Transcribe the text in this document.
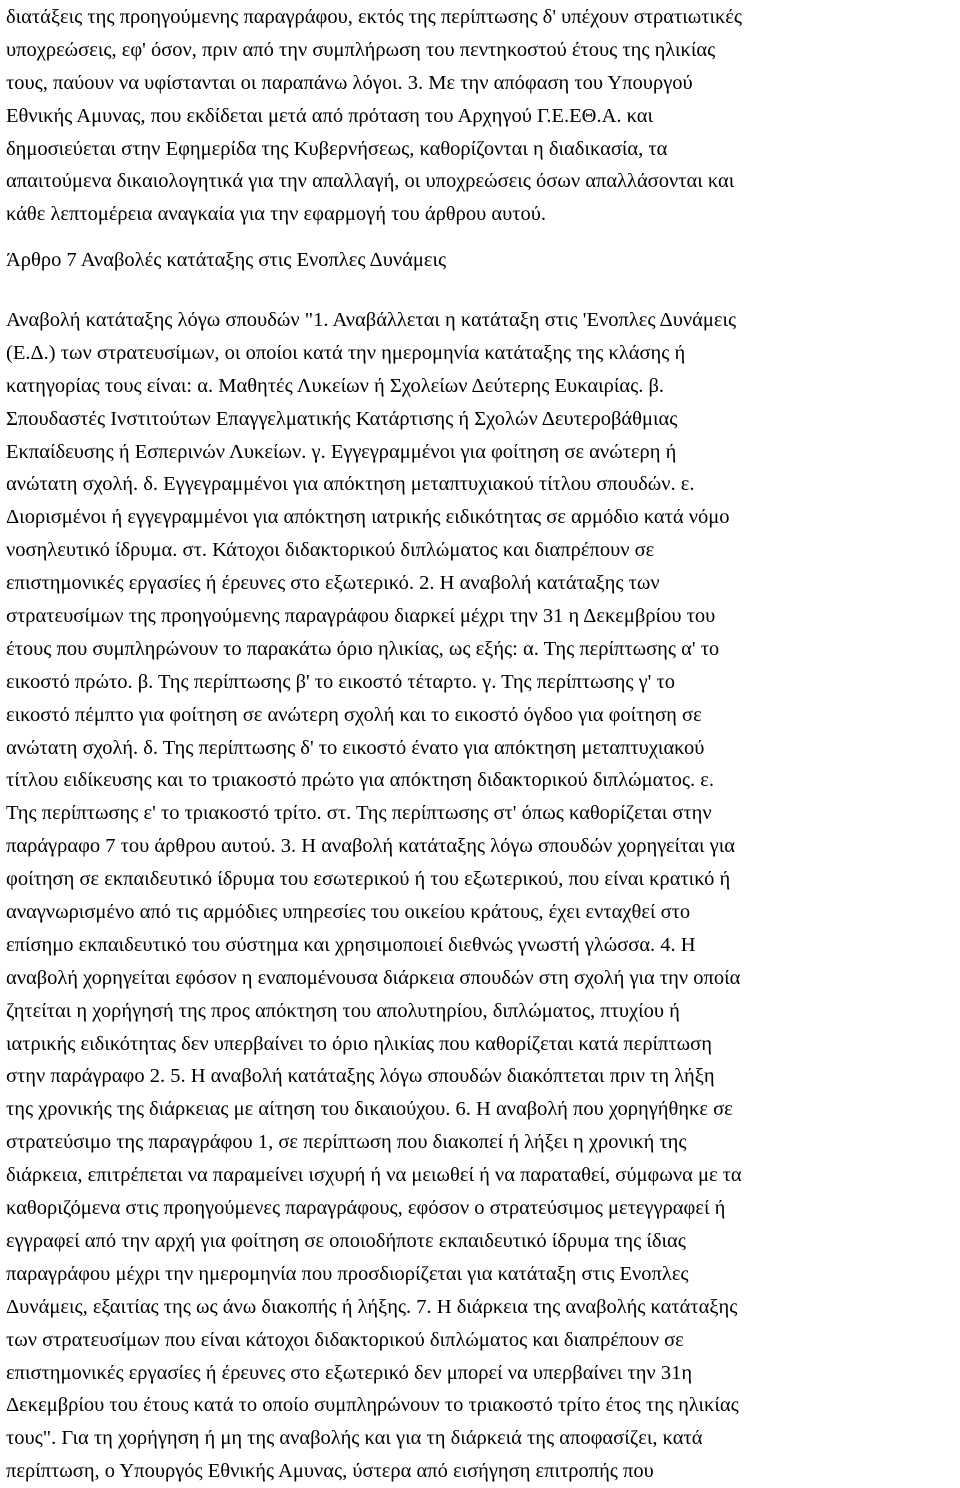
διατάξεις της προηγούμενης παραγράφου, εκτός της περίπτωσης δ' υπέχουν στρατιωτικές
υποχρεώσεις, εφ' όσον, πριν από την συμπλήρωση του πεντηκοστού έτους της ηλικίας
τους, παύουν να υφίστανται οι παραπάνω λόγοι. 3. Με την απόφαση του Υπουργού
Εθνικής Αμυνας, που εκδίδεται μετά από πρόταση του Αρχηγού Γ.Ε.ΕΘ.Α. και
δημοσιεύεται στην Εφημερίδα της Κυβερνήσεως, καθορίζονται η διαδικασία, τα
απαιτούμενα δικαιολογητικά για την απαλλαγή, οι υποχρεώσεις όσων απαλλάσονται και
κάθε λεπτομέρεια αναγκαία για την εφαρμογή του άρθρου αυτού.
Άρθρο 7 Αναβολές κατάταξης στις Ενοπλες Δυνάμεις
Αναβολή κατάταξης λόγω σπουδών "1. Αναβάλλεται η κατάταξη στις 'Ενοπλες Δυνάμεις
(Ε.Δ.) των στρατευσίμων, οι οποίοι κατά την ημερομηνία κατάταξης της κλάσης ή
κατηγορίας τους είναι: α. Μαθητές Λυκείων ή Σχολείων Δεύτερης Ευκαιρίας. β.
Σπουδαστές Ινστιτούτων Επαγγελματικής Κατάρτισης ή Σχολών Δευτεροβάθμιας
Εκπαίδευσης ή Εσπερινών Λυκείων. γ. Εγγεγραμμένοι για φοίτηση σε ανώτερη ή
ανώτατη σχολή. δ. Εγγεγραμμένοι για απόκτηση μεταπτυχιακού τίτλου σπουδών. ε.
Διορισμένοι ή εγγεγραμμένοι για απόκτηση ιατρικής ειδικότητας σε αρμόδιο κατά νόμο
νοσηλευτικό ίδρυμα. στ. Κάτοχοι διδακτορικού διπλώματος και διαπρέπουν σε
επιστημονικές εργασίες ή έρευνες στο εξωτερικό. 2. Η αναβολή κατάταξης των
στρατευσίμων της προηγούμενης παραγράφου διαρκεί μέχρι την 31 η Δεκεμβρίου του
έτους που συμπληρώνουν το παρακάτω όριο ηλικίας, ως εξής: α. Της περίπτωσης α' το
εικοστό πρώτο. β. Της περίπτωσης β' το εικοστό τέταρτο. γ. Της περίπτωσης γ' το
εικοστό πέμπτο για φοίτηση σε ανώτερη σχολή και το εικοστό όγδοο για φοίτηση σε
ανώτατη σχολή. δ. Της περίπτωσης δ' το εικοστό ένατο για απόκτηση μεταπτυχιακού
τίτλου ειδίκευσης και το τριακοστό πρώτο για απόκτηση διδακτορικού διπλώματος. ε.
Της περίπτωσης ε' το τριακοστό τρίτο. στ. Της περίπτωσης στ' όπως καθορίζεται στην
παράγραφο 7 του άρθρου αυτού. 3. Η αναβολή κατάταξης λόγω σπουδών χορηγείται για
φοίτηση σε εκπαιδευτικό ίδρυμα του εσωτερικού ή του εξωτερικού, που είναι κρατικό ή
αναγνωρισμένο από τις αρμόδιες υπηρεσίες του οικείου κράτους, έχει ενταχθεί στο
επίσημο εκπαιδευτικό του σύστημα και χρησιμοποιεί διεθνώς γνωστή γλώσσα. 4. Η
αναβολή χορηγείται εφόσον η εναπομένουσα διάρκεια σπουδών στη σχολή για την οποία
ζητείται η χορήγησή της προς απόκτηση του απολυτηρίου, διπλώματος, πτυχίου ή
ιατρικής ειδικότητας δεν υπερβαίνει το όριο ηλικίας που καθορίζεται κατά περίπτωση
στην παράγραφο 2. 5. Η αναβολή κατάταξης λόγω σπουδών διακόπτεται πριν τη λήξη
της χρονικής της διάρκειας με αίτηση του δικαιούχου. 6. Η αναβολή που χορηγήθηκε σε
στρατεύσιμο της παραγράφου 1, σε περίπτωση που διακοπεί ή λήξει η χρονική της
διάρκεια, επιτρέπεται να παραμείνει ισχυρή ή να μειωθεί ή να παραταθεί, σύμφωνα με τα
καθοριζόμενα στις προηγούμενες παραγράφους, εφόσον ο στρατεύσιμος μετεγγραφεί ή
εγγραφεί από την αρχή για φοίτηση σε οποιοδήποτε εκπαιδευτικό ίδρυμα της ίδιας
παραγράφου μέχρι την ημερομηνία που προσδιορίζεται για κατάταξη στις Ενοπλες
Δυνάμεις, εξαιτίας της ως άνω διακοπής ή λήξης. 7. Η διάρκεια της αναβολής κατάταξης
των στρατευσίμων που είναι κάτοχοι διδακτορικού διπλώματος και διαπρέπουν σε
επιστημονικές εργασίες ή έρευνες στο εξωτερικό δεν μπορεί να υπερβαίνει την 31η
Δεκεμβρίου του έτους κατά το οποίο συμπληρώνουν το τριακοστό τρίτο έτος της ηλικίας
τους". Για τη χορήγηση ή μη της αναβολής και για τη διάρκειά της αποφασίζει, κατά
περίπτωση, ο Υπουργός Εθνικής Αμυνας, ύστερα από εισήγηση επιτροπής που
